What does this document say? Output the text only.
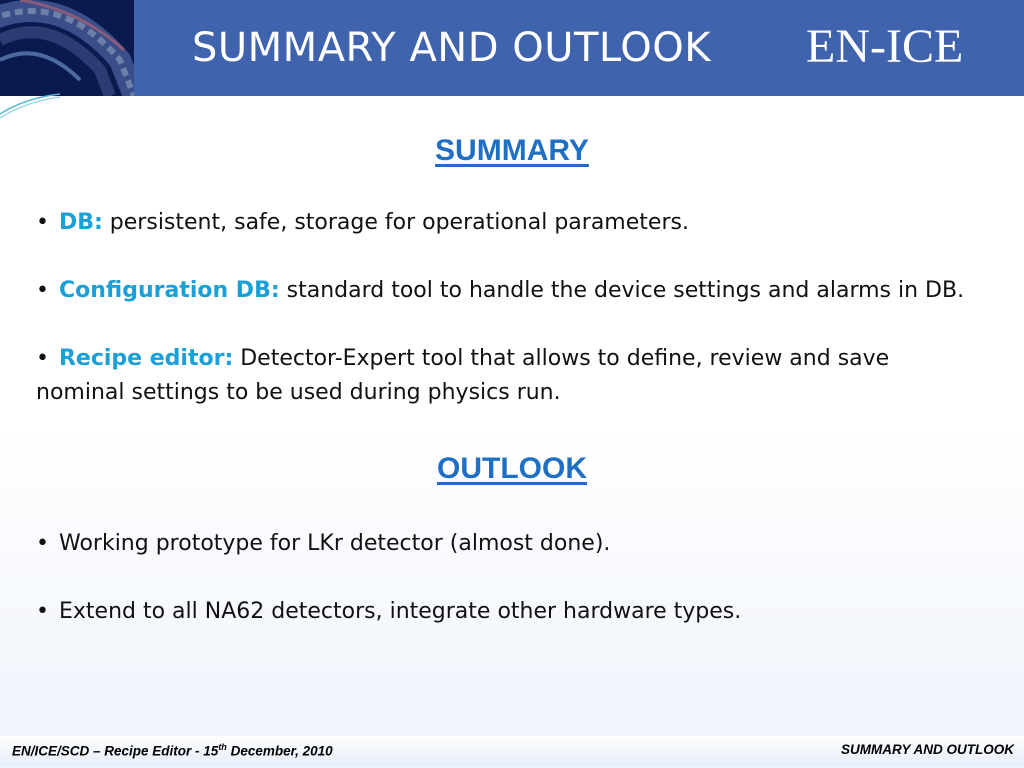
SUMMARY AND OUTLOOK EN-ICE
SUMMARY
• DB: persistent, safe, storage for operational parameters.
• Configuration DB: standard tool to handle the device settings and alarms in DB.
• Recipe editor: Detector-Expert tool that allows to define, review and save nominal settings to be used during physics run.
OUTLOOK
• Working prototype for LKr detector (almost done).
• Extend to all NA62 detectors, integrate other hardware types.
EN/ICE/SCD – Recipe Editor - 15th December, 2010	SUMMARY AND OUTLOOK
